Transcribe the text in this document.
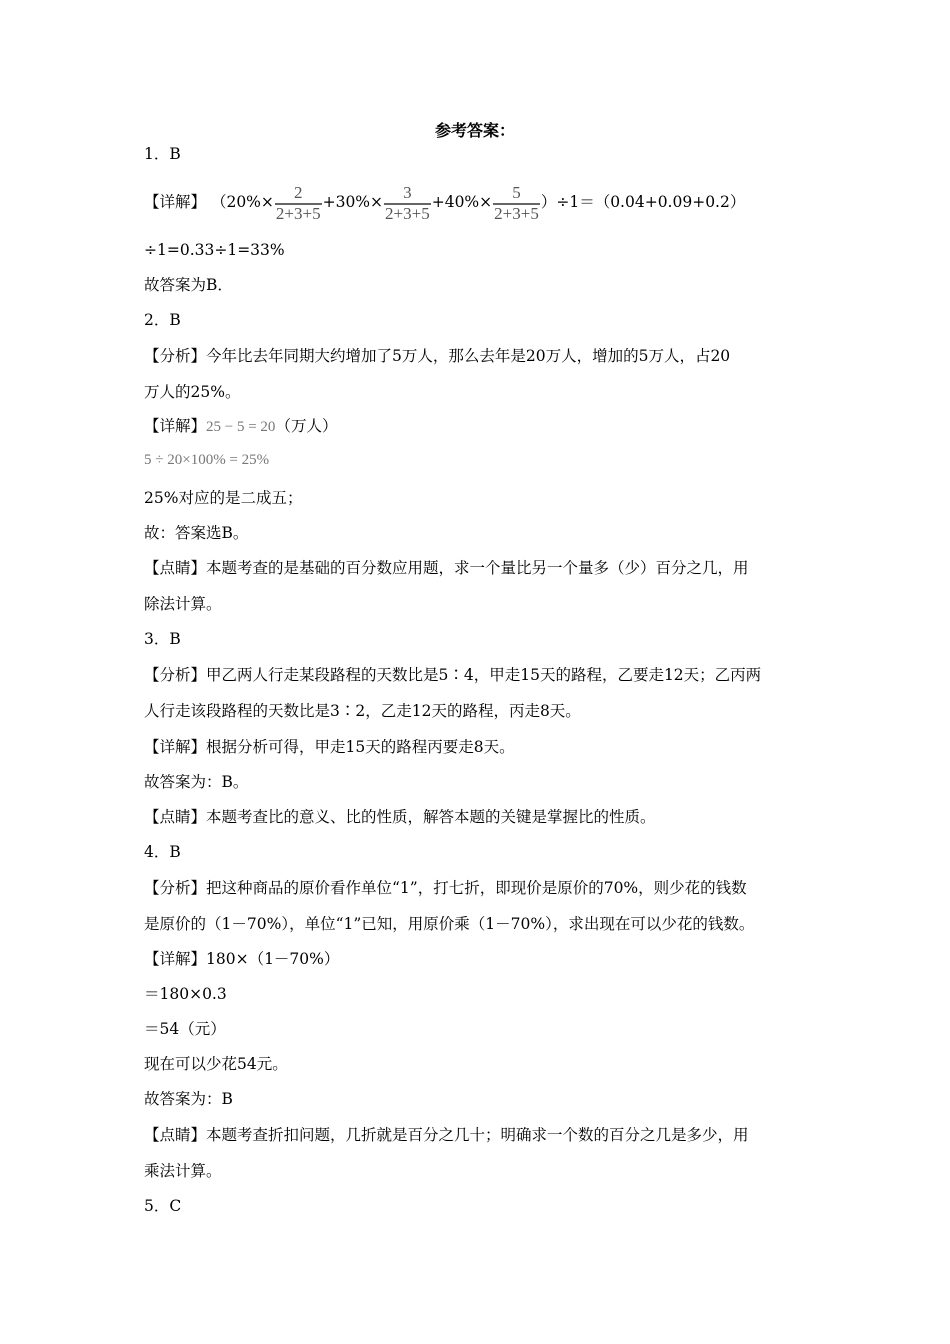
参考答案：
1．B
【详解】 $(20\%\times \frac{2}{2+3+5} +30\%\times \frac{3}{2+3+5} +40\%\times \frac{5}{2+3+5} )\div 1=(0.04+0.09+0.2)$
÷1=0.33÷1=33%
故答案为B．
2．B
【分析】今年比去年同期大约增加了5万人，那么去年是20万人，增加的5万人，占20
万人的25%。
【详解】25 − 5 = 20（万人）
5 ÷ 20×100% = 25%
25%对应的是二成五；
故：答案选B。
【点睛】本题考查的是基础的百分数应用题，求一个量比另一个量多（少）百分之几，用
除法计算。
3．B
【分析】甲乙两人行走某段路程的天数比是5∶4，甲走15天的路程，乙要走12天；乙丙两
人行走该段路程的天数比是3∶2，乙走12天的路程，丙走8天。
【详解】根据分析可得，甲走15天的路程丙要走8天。
故答案为：B。
【点睛】本题考查比的意义、比的性质，解答本题的关键是掌握比的性质。
4．B
【分析】把这种商品的原价看作单位“1”，打七折，即现价是原价的70%，则少花的钱数
是原价的（1－70%），单位“1”已知，用原价乘（1－70%），求出现在可以少花的钱数。
【详解】180×（1－70%）
＝180×0.3
＝54（元）
现在可以少花54元。
故答案为：B
【点睛】本题考查折扣问题，几折就是百分之几十；明确求一个数的百分之几是多少，用
乘法计算。
5．C
